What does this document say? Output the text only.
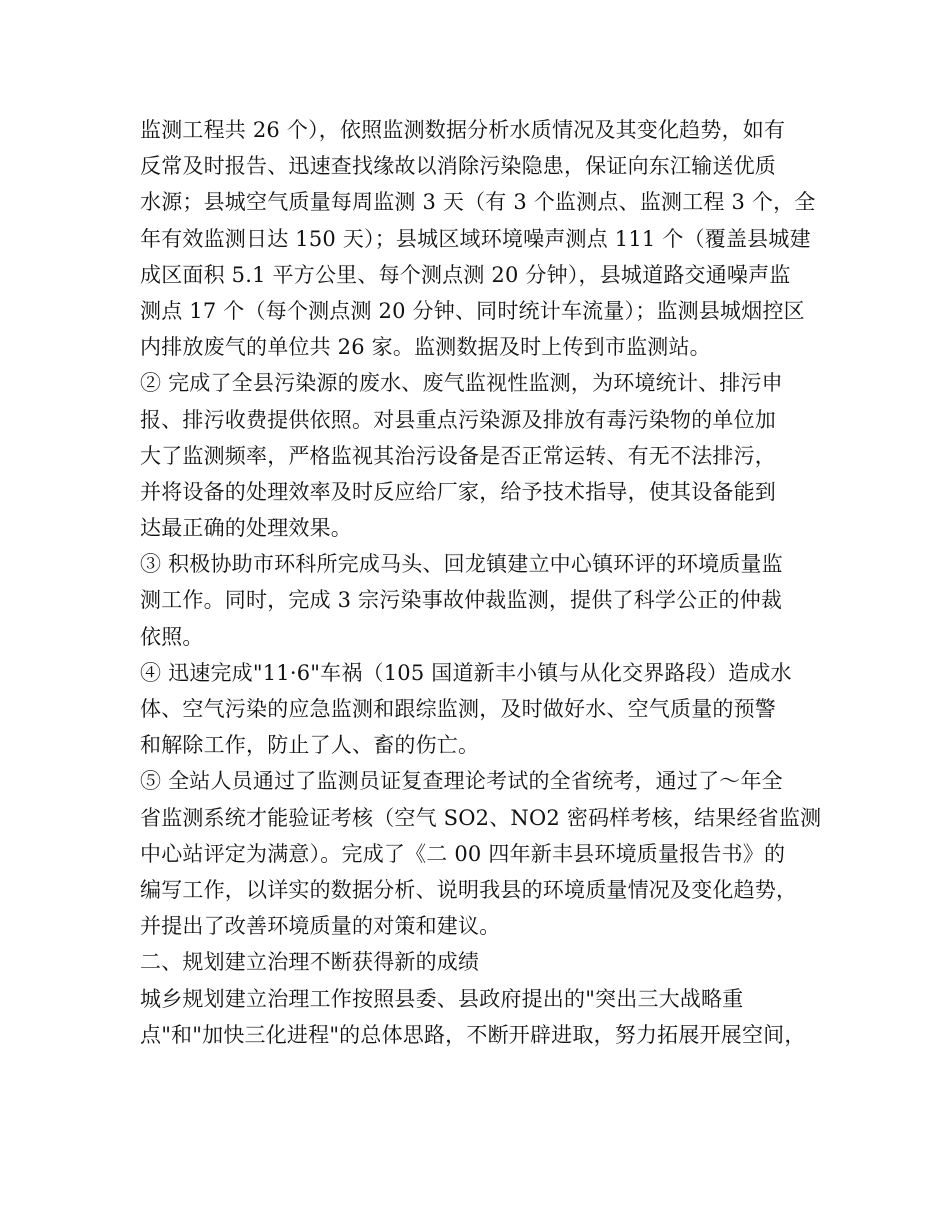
监测工程共 26 个），依照监测数据分析水质情况及其变化趋势，如有
反常及时报告、迅速查找缘故以消除污染隐患，保证向东江输送优质
水源；县城空气质量每周监测 3 天（有 3 个监测点、监测工程 3 个，全
年有效监测日达 150 天）；县城区域环境噪声测点 111 个（覆盖县城建
成区面积 5.1 平方公里、每个测点测 20 分钟），县城道路交通噪声监
测点 17 个（每个测点测 20 分钟、同时统计车流量）；监测县城烟控区
内排放废气的单位共 26 家。监测数据及时上传到市监测站。
② 完成了全县污染源的废水、废气监视性监测，为环境统计、排污申
报、排污收费提供依照。对县重点污染源及排放有毒污染物的单位加
大了监测频率，严格监视其治污设备是否正常运转、有无不法排污，
并将设备的处理效率及时反应给厂家，给予技术指导，使其设备能到
达最正确的处理效果。
③ 积极协助市环科所完成马头、回龙镇建立中心镇环评的环境质量监
测工作。同时，完成 3 宗污染事故仲裁监测，提供了科学公正的仲裁
依照。
④ 迅速完成"11·6"车祸（105 国道新丰小镇与从化交界路段）造成水
体、空气污染的应急监测和跟综监测，及时做好水、空气质量的预警
和解除工作，防止了人、畜的伤亡。
⑤ 全站人员通过了监测员证复查理论考试的全省统考，通过了～年全
省监测系统才能验证考核（空气 SO2、NO2 密码样考核，结果经省监测
中心站评定为满意）。完成了《二 00 四年新丰县环境质量报告书》的
编写工作，以详实的数据分析、说明我县的环境质量情况及变化趋势，
并提出了改善环境质量的对策和建议。
二、规划建立治理不断获得新的成绩
城乡规划建立治理工作按照县委、县政府提出的"突出三大战略重
点"和"加快三化进程"的总体思路，不断开辟进取，努力拓展开展空间，
